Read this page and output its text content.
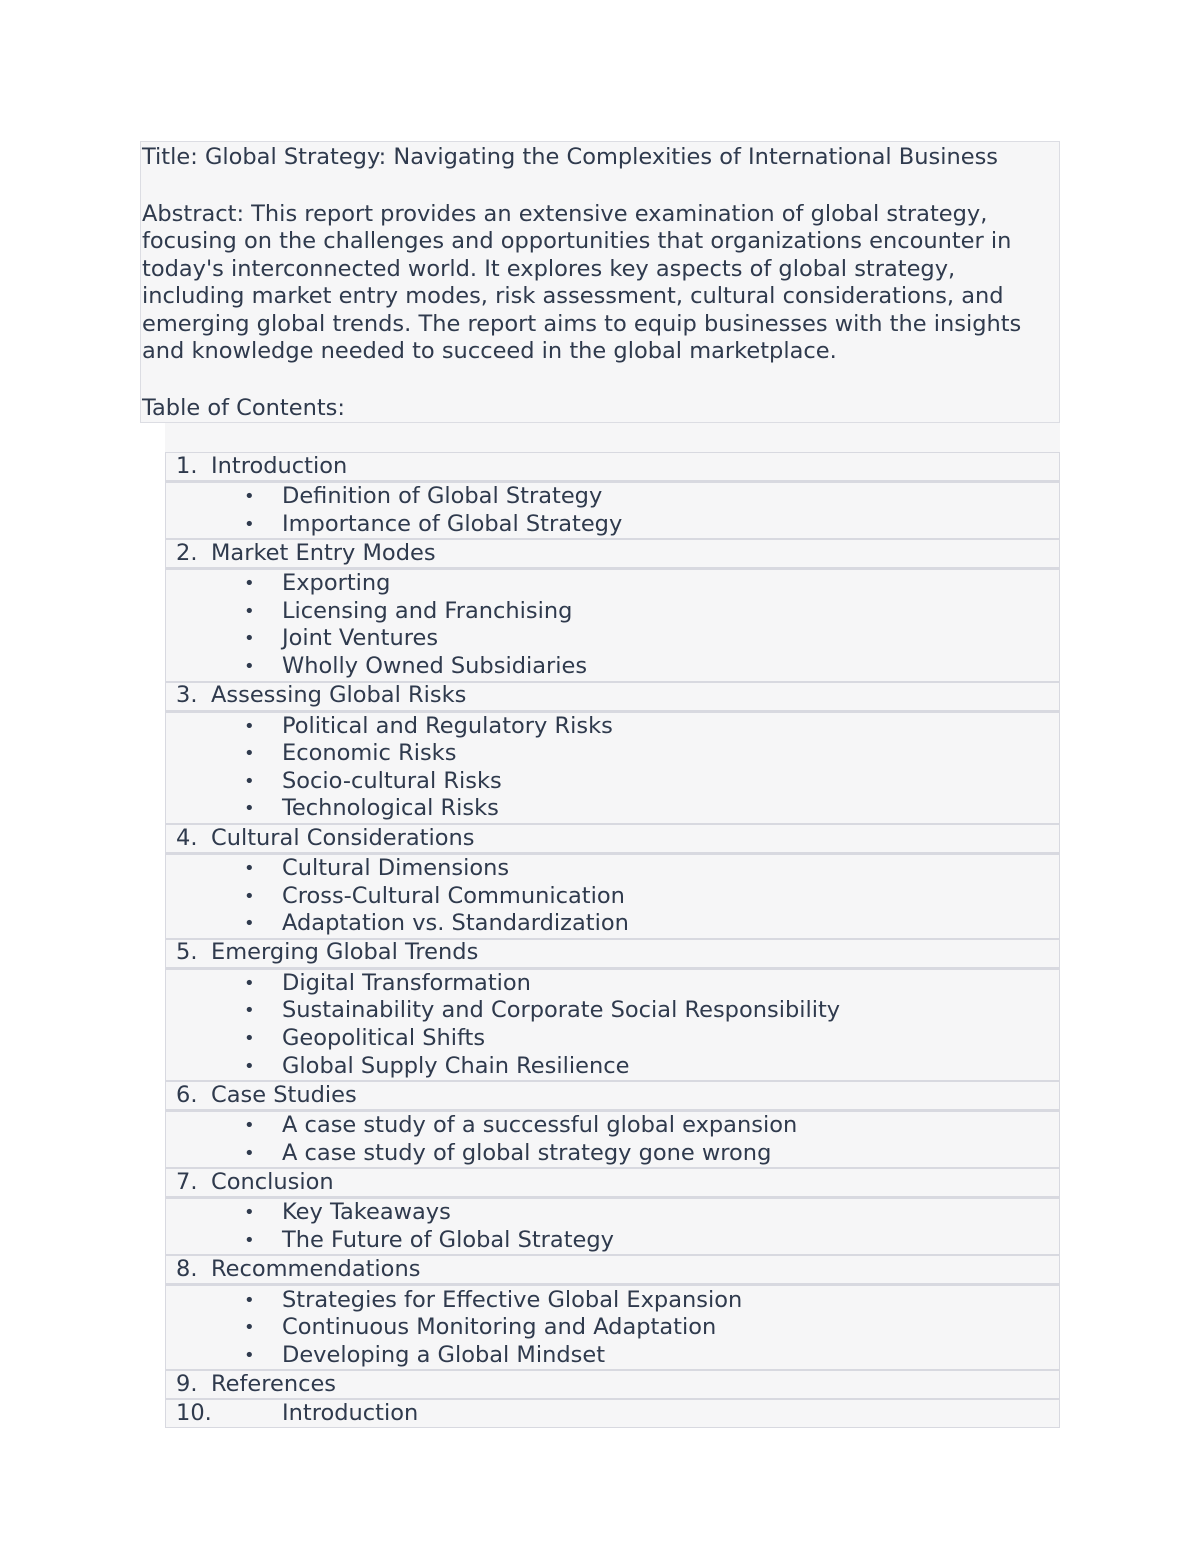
Title: Global Strategy: Navigating the Complexities of International Business

Abstract: This report provides an extensive examination of global strategy, focusing on the challenges and opportunities that organizations encounter in today's interconnected world. It explores key aspects of global strategy, including market entry modes, risk assessment, cultural considerations, and emerging global trends. The report aims to equip businesses with the insights and knowledge needed to succeed in the global marketplace.

Table of Contents:

1. Introduction
•	Definition of Global Strategy
•	Importance of Global Strategy
2. Market Entry Modes
•	Exporting
•	Licensing and Franchising
•	Joint Ventures
•	Wholly Owned Subsidiaries
3. Assessing Global Risks
•	Political and Regulatory Risks
•	Economic Risks
•	Socio-cultural Risks
•	Technological Risks
4. Cultural Considerations
•	Cultural Dimensions
•	Cross-Cultural Communication
•	Adaptation vs. Standardization
5. Emerging Global Trends
•	Digital Transformation
•	Sustainability and Corporate Social Responsibility
•	Geopolitical Shifts
•	Global Supply Chain Resilience
6. Case Studies
•	A case study of a successful global expansion
•	A case study of global strategy gone wrong
7. Conclusion
•	Key Takeaways
•	The Future of Global Strategy
8. Recommendations
•	Strategies for Effective Global Expansion
•	Continuous Monitoring and Adaptation
•	Developing a Global Mindset
9. References
10.	Introduction
